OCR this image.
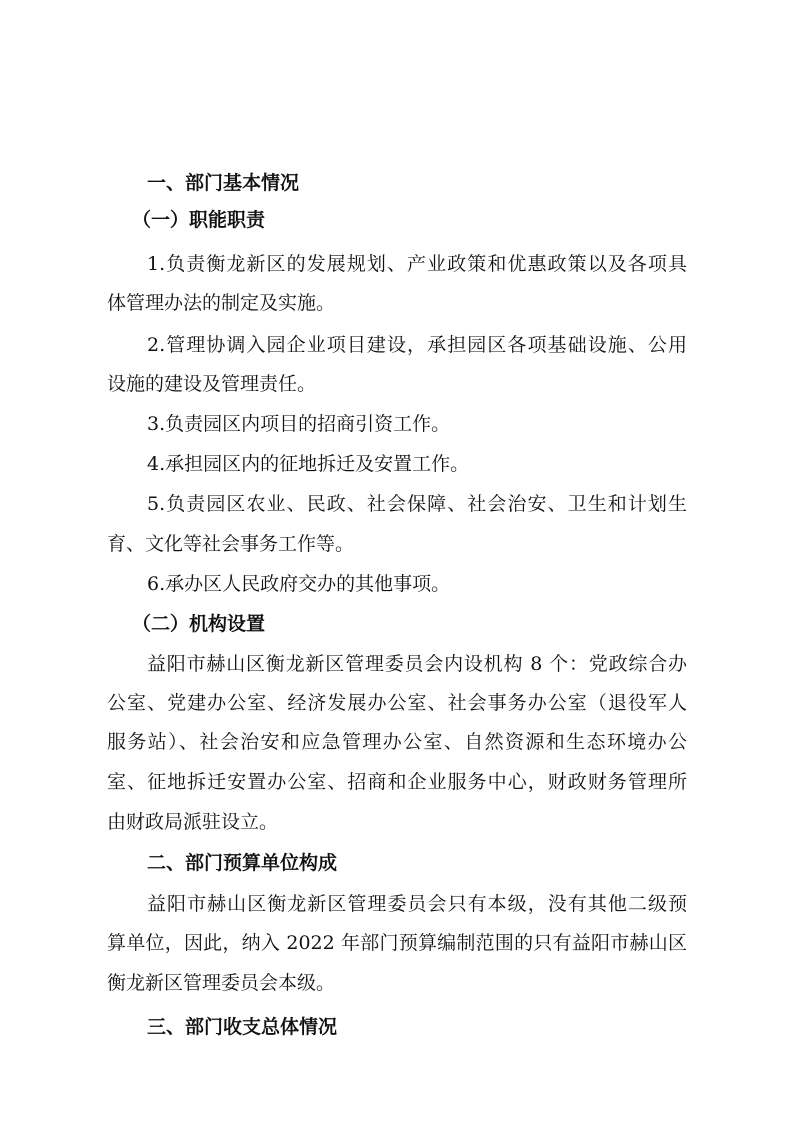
一、部门基本情况
（一）职能职责
1.负责衡龙新区的发展规划、产业政策和优惠政策以及各项具
体管理办法的制定及实施。
2.管理协调入园企业项目建设，承担园区各项基础设施、公用
设施的建设及管理责任。
3.负责园区内项目的招商引资工作。
4.承担园区内的征地拆迁及安置工作。
5.负责园区农业、民政、社会保障、社会治安、卫生和计划生
育、文化等社会事务工作等。
6.承办区人民政府交办的其他事项。
（二）机构设置
益阳市赫山区衡龙新区管理委员会内设机构 8 个：党政综合办
公室、党建办公室、经济发展办公室、社会事务办公室（退役军人
服务站）、社会治安和应急管理办公室、自然资源和生态环境办公
室、征地拆迁安置办公室、招商和企业服务中心，财政财务管理所
由财政局派驻设立。
二、部门预算单位构成
益阳市赫山区衡龙新区管理委员会只有本级，没有其他二级预
算单位，因此，纳入 2022 年部门预算编制范围的只有益阳市赫山区
衡龙新区管理委员会本级。
三、部门收支总体情况
